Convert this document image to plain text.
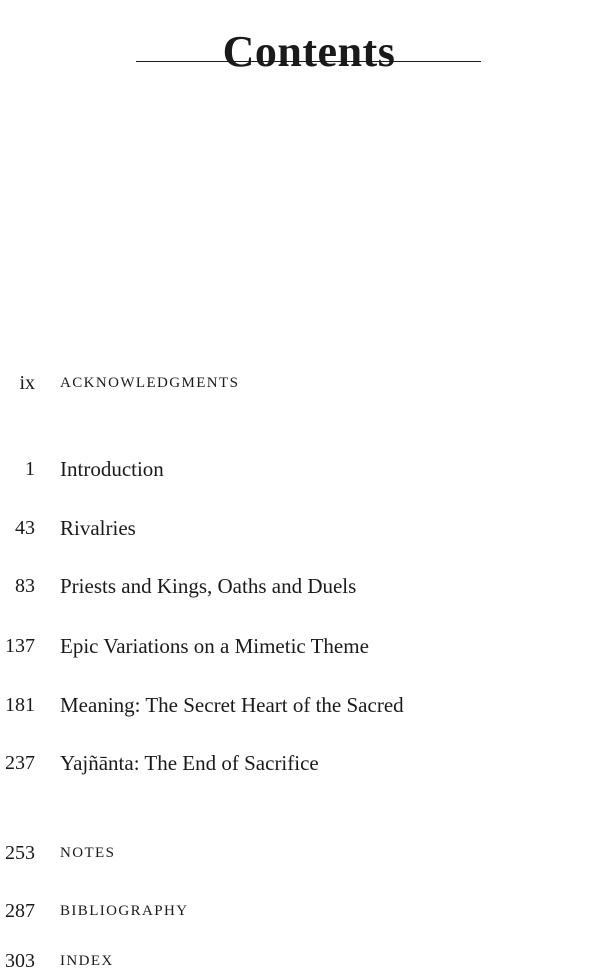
Contents
ix ACKNOWLEDGMENTS
1 Introduction
43 Rivalries
83 Priests and Kings, Oaths and Duels
137 Epic Variations on a Mimetic Theme
181 Meaning: The Secret Heart of the Sacred
237 Yajñānta: The End of Sacrifice
253 NOTES
287 BIBLIOGRAPHY
303 INDEX
